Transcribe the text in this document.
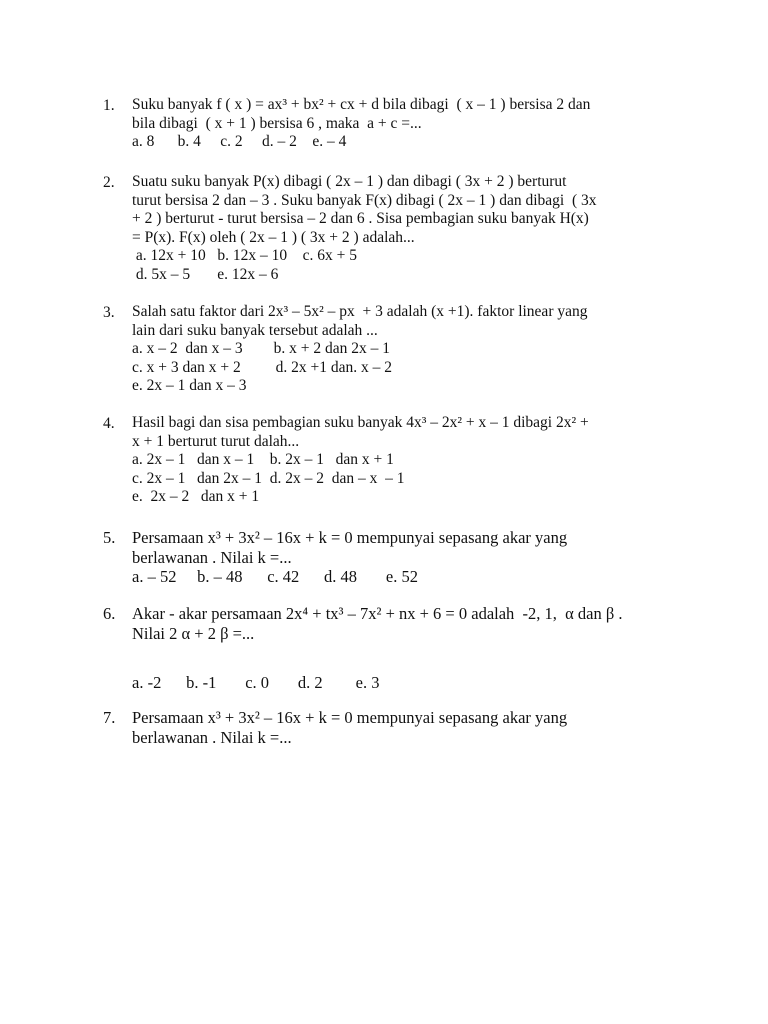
1. Suku banyak f ( x ) = ax³ + bx² + cx + d bila dibagi  ( x – 1 ) bersisa 2 dan
bila dibagi  ( x + 1 ) bersisa 6 , maka  a + c =...
a. 8      b. 4     c. 2     d. – 2    e. – 4
2. Suatu suku banyak P(x) dibagi ( 2x – 1 ) dan dibagi ( 3x + 2 ) berturut
turut bersisa 2 dan – 3 . Suku banyak F(x) dibagi ( 2x – 1 ) dan dibagi  ( 3x
+ 2 ) berturut - turut bersisa – 2 dan 6 . Sisa pembagian suku banyak H(x)
= P(x). F(x) oleh ( 2x – 1 ) ( 3x + 2 ) adalah...
a. 12x + 10   b. 12x – 10    c. 6x + 5
d. 5x – 5       e. 12x – 6
3. Salah satu faktor dari 2x³ – 5x² – px  + 3 adalah (x +1). faktor linear yang
lain dari suku banyak tersebut adalah ...
a. x – 2  dan x – 3        b. x + 2 dan 2x – 1
c. x + 3 dan x + 2         d. 2x +1 dan. x – 2
e. 2x – 1 dan x – 3
4. Hasil bagi dan sisa pembagian suku banyak 4x³ – 2x² + x – 1 dibagi 2x² +
x + 1 berturut turut dalah...
a. 2x – 1   dan x – 1    b. 2x – 1   dan x + 1
c. 2x – 1   dan 2x – 1  d. 2x – 2  dan – x  – 1
e.  2x – 2   dan x + 1
5. Persamaan x³ + 3x² – 16x + k = 0 mempunyai sepasang akar yang
berlawanan . Nilai k =...
a. – 52     b. – 48      c. 42      d. 48       e. 52
6. Akar - akar persamaan 2x⁴ + tx³ – 7x² + nx + 6 = 0 adalah  -2, 1,  α dan β .
Nilai 2 α + 2 β =...
a. -2      b. -1       c. 0       d. 2        e. 3
7. Persamaan x³ + 3x² – 16x + k = 0 mempunyai sepasang akar yang
berlawanan . Nilai k =...
